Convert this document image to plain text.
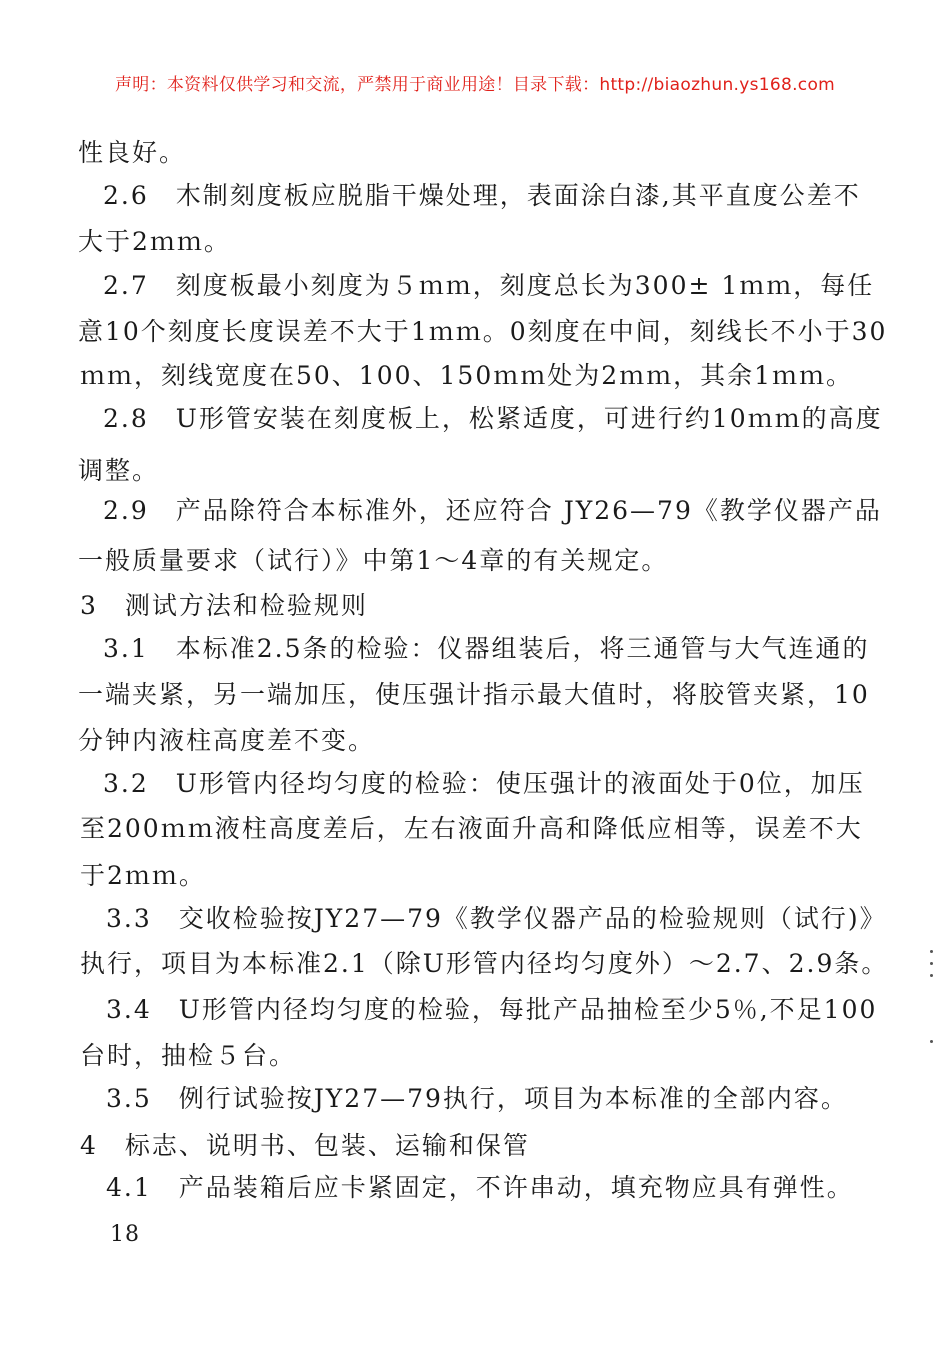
声明：本资料仅供学习和交流，严禁用于商业用途！目录下载：http://biaozhun.ys168.com
性良好。
2.6　木制刻度板应脱脂干燥处理，表面涂白漆,其平直度公差不
大于2ｍｍ。
2.7　刻度板最小刻度为５ｍｍ，刻度总长为300± 1ｍｍ，每任
意10个刻度长度误差不大于1ｍｍ。0刻度在中间，刻线长不小于30
ｍｍ，刻线宽度在50、100、150ｍｍ处为2ｍｍ，其余1ｍｍ。
2.8　U形管安装在刻度板上，松紧适度，可进行约10ｍｍ的高度
调整。
2.9　产品除符合本标准外，还应符合 JY26—79《教学仪器产品
一般质量要求（试行）》中第1～4章的有关规定。
3　测试方法和检验规则
3.1　本标准2.5条的检验：仪器组装后，将三通管与大气连通的
一端夹紧，另一端加压，使压强计指示最大值时，将胶管夹紧，10
分钟内液柱高度差不变。
3.2　U形管内径均匀度的检验：使压强计的液面处于0位，加压
至200ｍｍ液柱高度差后，左右液面升高和降低应相等，误差不大
于2ｍｍ。
3.3　交收检验按JY27—79《教学仪器产品的检验规则（试行)》
执行，项目为本标准2.1（除U形管内径均匀度外）～2.7、2.9条。
3.4　U形管内径均匀度的检验，每批产品抽检至少5％,不足100
台时，抽检５台。
3.5　例行试验按JY27—79执行，项目为本标准的全部内容。
4　标志、说明书、包装、运输和保管
4.1　产品装箱后应卡紧固定，不许串动，填充物应具有弹性。
18
